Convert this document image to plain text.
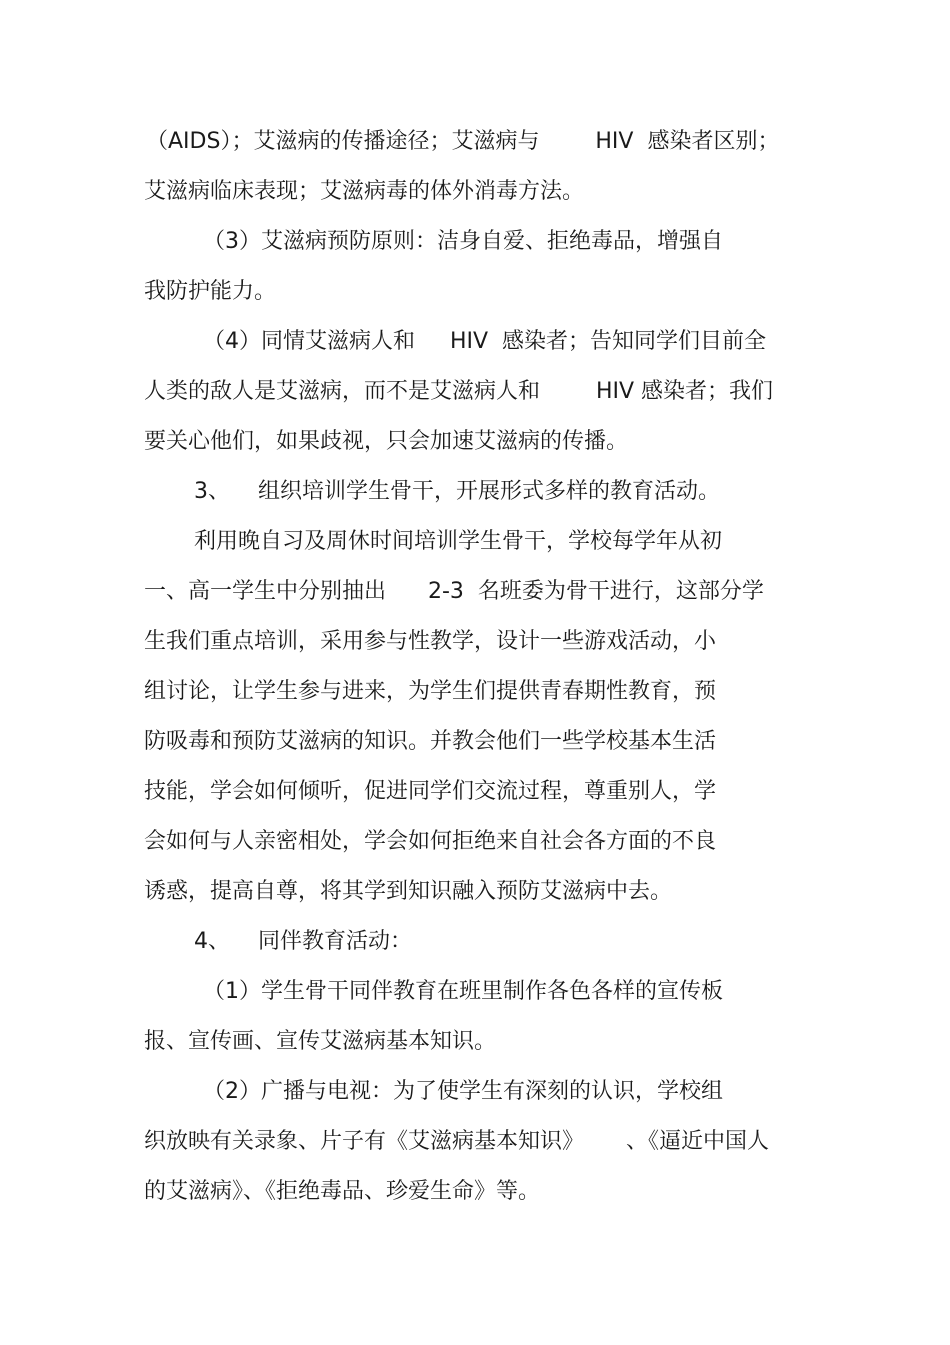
（AIDS）；艾滋病的传播途径；艾滋病与        HIV  感染者区别；
艾滋病临床表现；艾滋病毒的体外消毒方法。
（3）艾滋病预防原则：洁身自爱、拒绝毒品，增强自
我防护能力。
（4）同情艾滋病人和     HIV  感染者；告知同学们目前全
人类的敌人是艾滋病，而不是艾滋病人和        HIV 感染者；我们
要关心他们，如果歧视，只会加速艾滋病的传播。
3、    组织培训学生骨干，开展形式多样的教育活动。
利用晚自习及周休时间培训学生骨干，学校每学年从初
一、高一学生中分别抽出      2-3  名班委为骨干进行，这部分学
生我们重点培训，采用参与性教学，设计一些游戏活动，小
组讨论，让学生参与进来，为学生们提供青春期性教育，预
防吸毒和预防艾滋病的知识。并教会他们一些学校基本生活
技能，学会如何倾听，促进同学们交流过程，尊重别人，学
会如何与人亲密相处，学会如何拒绝来自社会各方面的不良
诱惑，提高自尊，将其学到知识融入预防艾滋病中去。
4、    同伴教育活动：
（1）学生骨干同伴教育在班里制作各色各样的宣传板
报、宣传画、宣传艾滋病基本知识。
（2）广播与电视：为了使学生有深刻的认识，学校组
织放映有关录象、片子有《艾滋病基本知识》      、《逼近中国人
的艾滋病》、《拒绝毒品、珍爱生命》等。
